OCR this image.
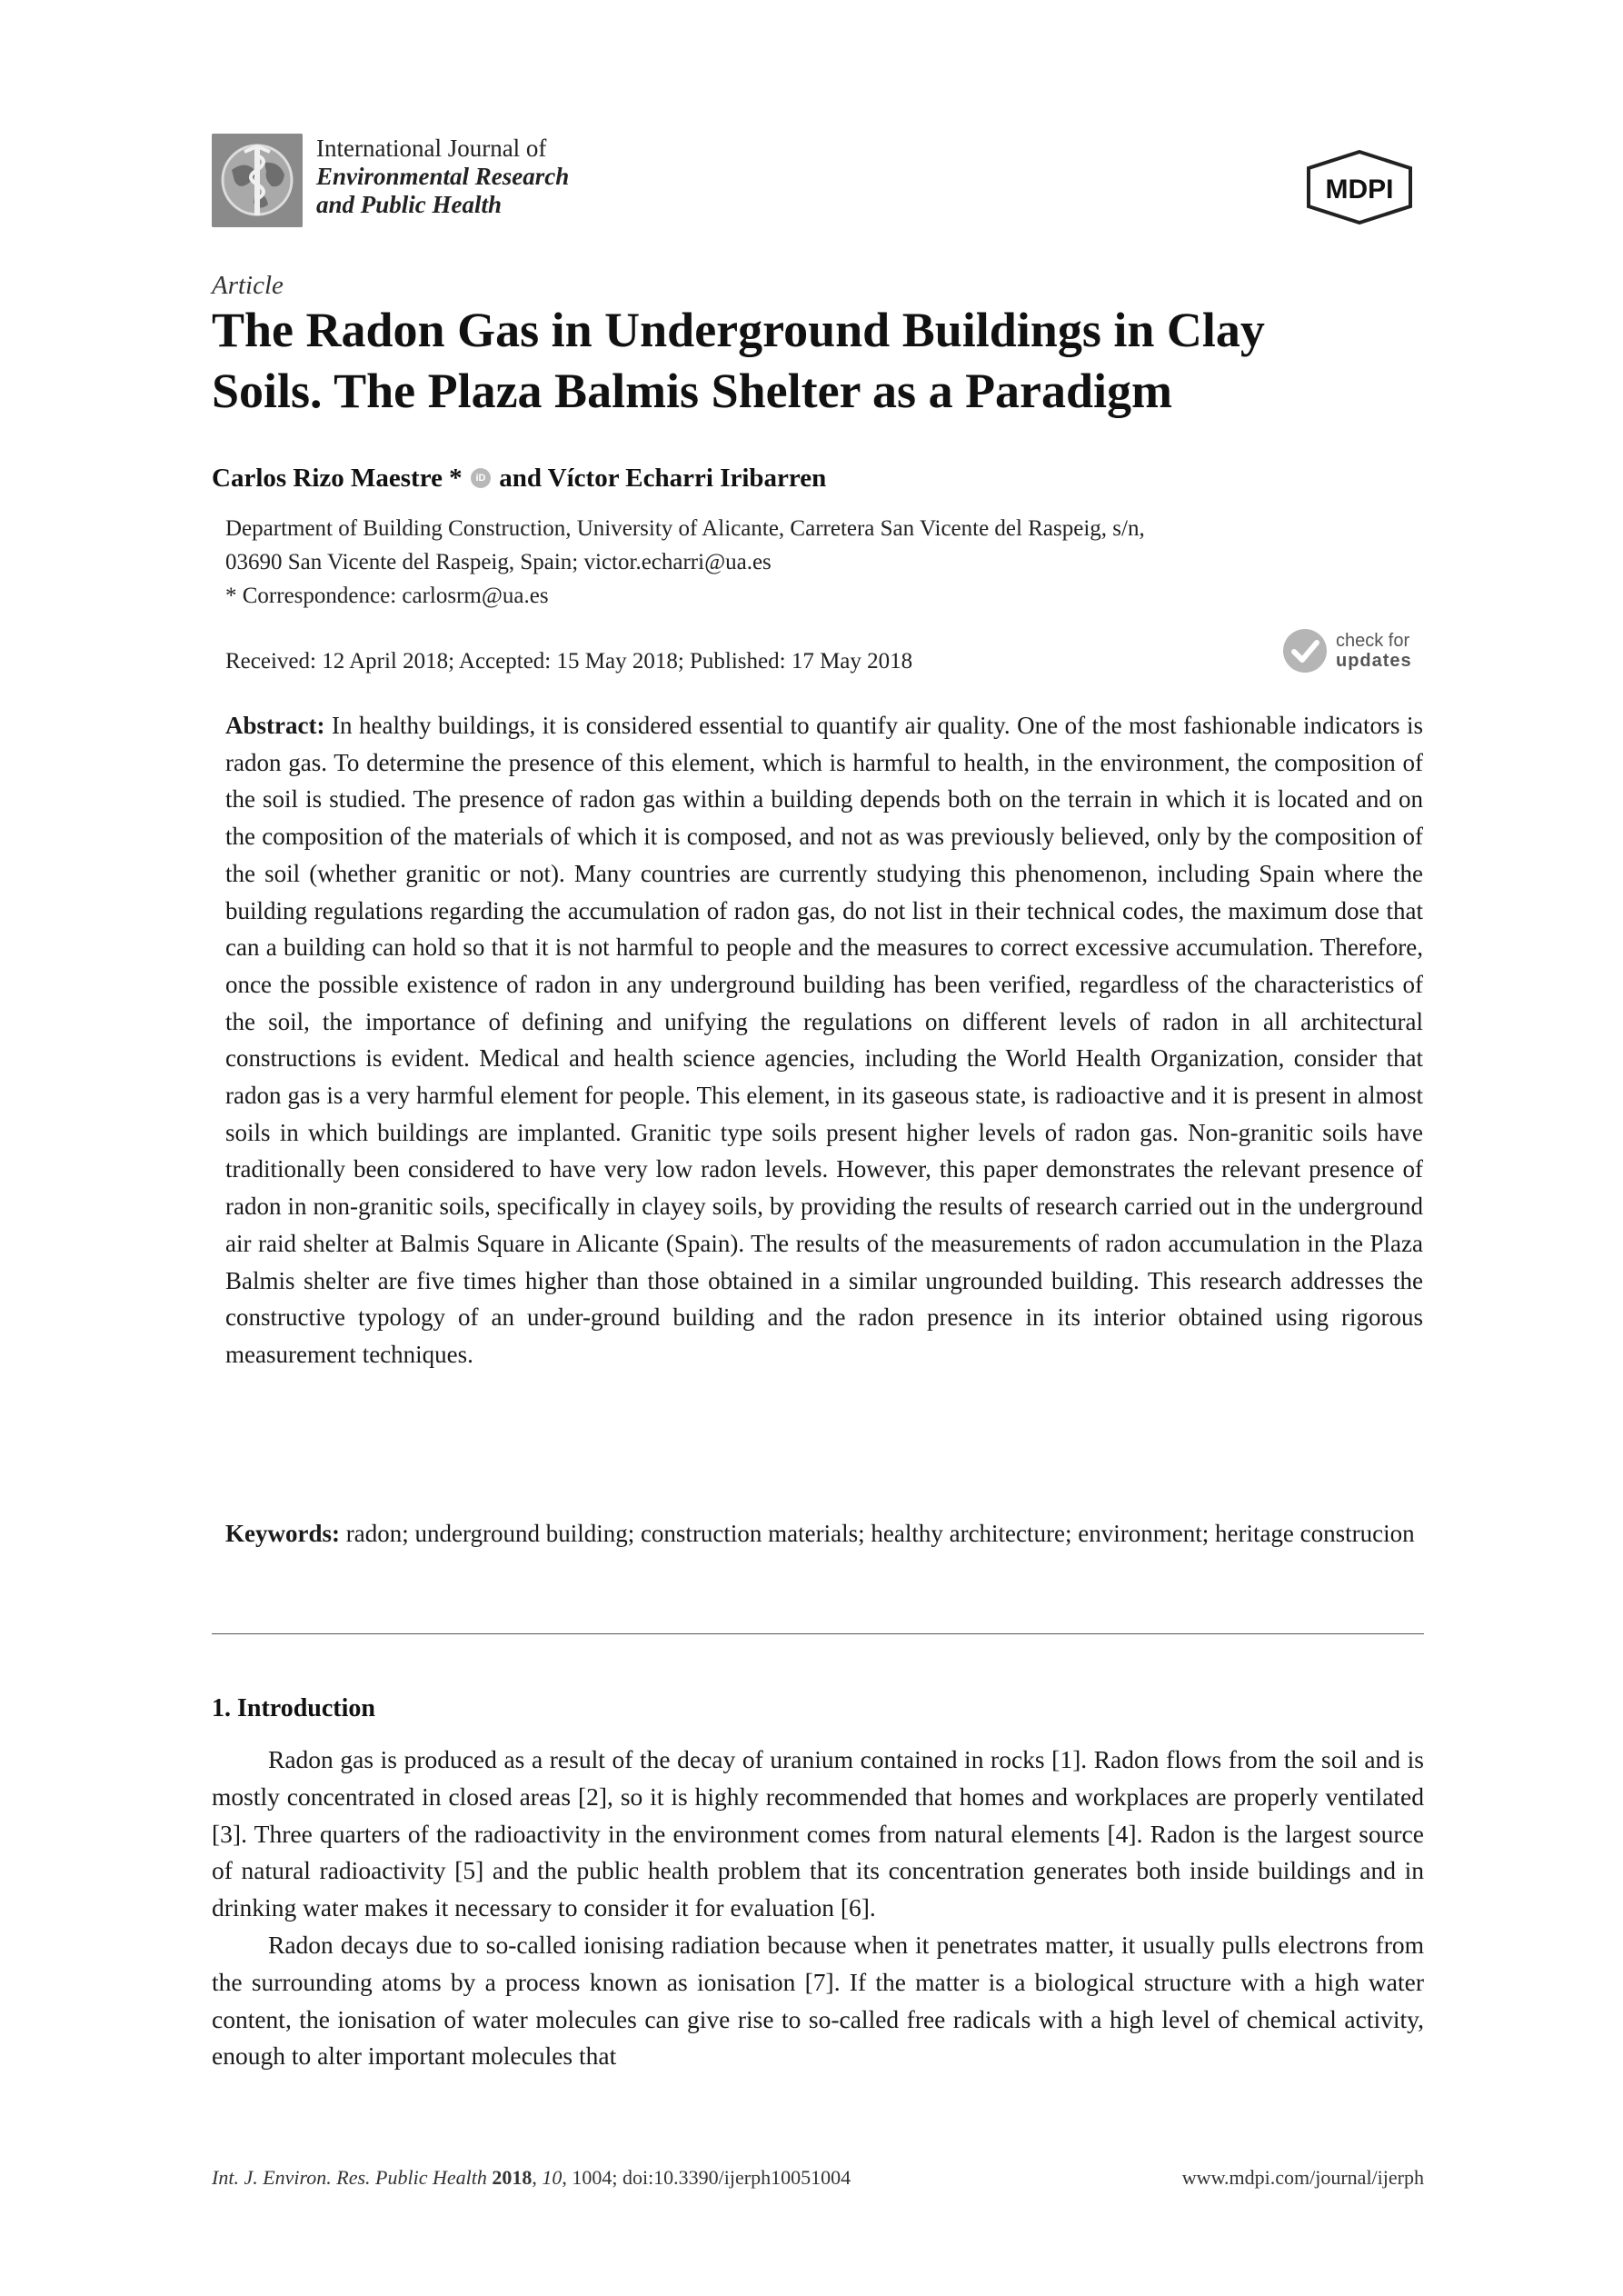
International Journal of
Environmental Research
and Public Health	MDPI
Article
The Radon Gas in Underground Buildings in Clay
Soils. The Plaza Balmis Shelter as a Paradigm
Carlos Rizo Maestre * iD and Víctor Echarri Iribarren
Department of Building Construction, University of Alicante, Carretera San Vicente del Raspeig, s/n,
03690 San Vicente del Raspeig, Spain; victor.echarri@ua.es
* Correspondence: carlosrm@ua.es
Received: 12 April 2018; Accepted: 15 May 2018; Published: 17 May 2018
check for
updates

Abstract: In healthy buildings, it is considered essential to quantify air quality. One of the most fashionable indicators is radon gas. To determine the presence of this element, which is harmful to health, in the environment, the composition of the soil is studied. The presence of radon gas within a building depends both on the terrain in which it is located and on the composition of the materials of which it is composed, and not as was previously believed, only by the composition of the soil (whether granitic or not). Many countries are currently studying this phenomenon, including Spain where the building regulations regarding the accumulation of radon gas, do not list in their technical codes, the maximum dose that can a building can hold so that it is not harmful to people and the measures to correct excessive accumulation. Therefore, once the possible existence of radon in any underground building has been verified, regardless of the characteristics of the soil, the importance of defining and unifying the regulations on different levels of radon in all architectural constructions is evident. Medical and health science agencies, including the World Health Organization, consider that radon gas is a very harmful element for people. This element, in its gaseous state, is radioactive and it is present in almost soils in which buildings are implanted. Granitic type soils present higher levels of radon gas. Non-granitic soils have traditionally been considered to have very low radon levels. However, this paper demonstrates the relevant presence of radon in non-granitic soils, specifically in clayey soils, by providing the results of research carried out in the underground air raid shelter at Balmis Square in Alicante (Spain). The results of the measurements of radon accumulation in the Plaza Balmis shelter are five times higher than those obtained in a similar ungrounded building. This research addresses the constructive typology of an under-ground building and the radon presence in its interior obtained using rigorous measurement techniques.

Keywords: radon; underground building; construction materials; healthy architecture; environment; heritage construcion

1. Introduction

Radon gas is produced as a result of the decay of uranium contained in rocks [1]. Radon flows from the soil and is mostly concentrated in closed areas [2], so it is highly recommended that homes and workplaces are properly ventilated [3]. Three quarters of the radioactivity in the environment comes from natural elements [4]. Radon is the largest source of natural radioactivity [5] and the public health problem that its concentration generates both inside buildings and in drinking water makes it necessary to consider it for evaluation [6].

Radon decays due to so-called ionising radiation because when it penetrates matter, it usually pulls electrons from the surrounding atoms by a process known as ionisation [7]. If the matter is a biological structure with a high water content, the ionisation of water molecules can give rise to so-called free radicals with a high level of chemical activity, enough to alter important molecules that

Int. J. Environ. Res. Public Health 2018, 10, 1004; doi:10.3390/ijerph10051004	www.mdpi.com/journal/ijerph
